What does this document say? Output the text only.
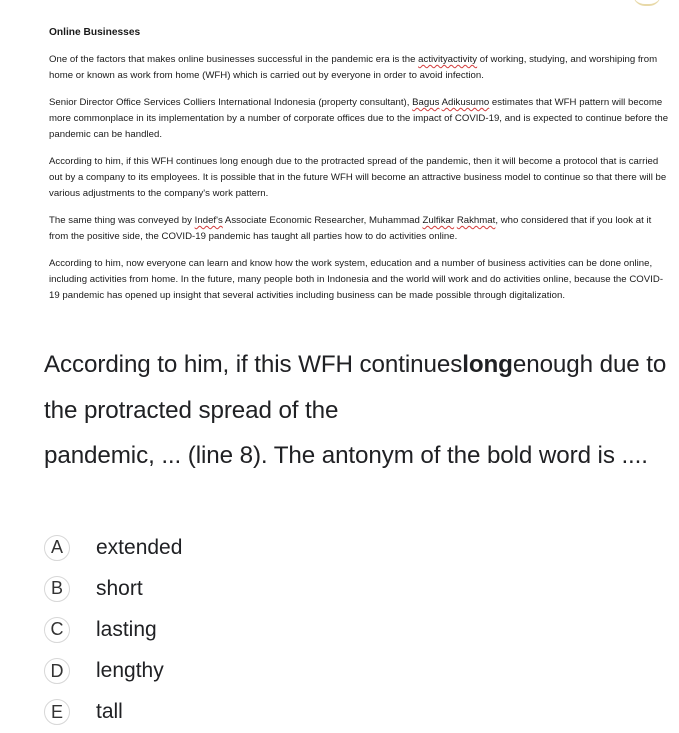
Online Businesses

One of the factors that makes online businesses successful in the pandemic era is the activityactivity of working, studying, and worshiping from home or known as work from home (WFH) which is carried out by everyone in order to avoid infection.

Senior Director Office Services Colliers International Indonesia (property consultant), Bagus Adikusumo estimates that WFH pattern will become more commonplace in its implementation by a number of corporate offices due to the impact of COVID-19, and is expected to continue before the pandemic can be handled.

According to him, if this WFH continues long enough due to the protracted spread of the pandemic, then it will become a protocol that is carried out by a company to its employees. It is possible that in the future WFH will become an attractive business model to continue so that there will be various adjustments to the company's work pattern.

The same thing was conveyed by Indef's Associate Economic Researcher, Muhammad Zulfikar Rakhmat, who considered that if you look at it from the positive side, the COVID-19 pandemic has taught all parties how to do activities online.

According to him, now everyone can learn and know how the work system, education and a number of business activities can be done online, including activities from home. In the future, many people both in Indonesia and the world will work and do activities online, because the COVID-19 pandemic has opened up insight that several activities including business can be made possible through digitalization.

According to him, if this WFH continueslongenough due to the protracted spread of the
pandemic, ... (line 8). The antonym of the bold word is ....
A	extended
B	short
C	lasting
D	lengthy
E	tall
